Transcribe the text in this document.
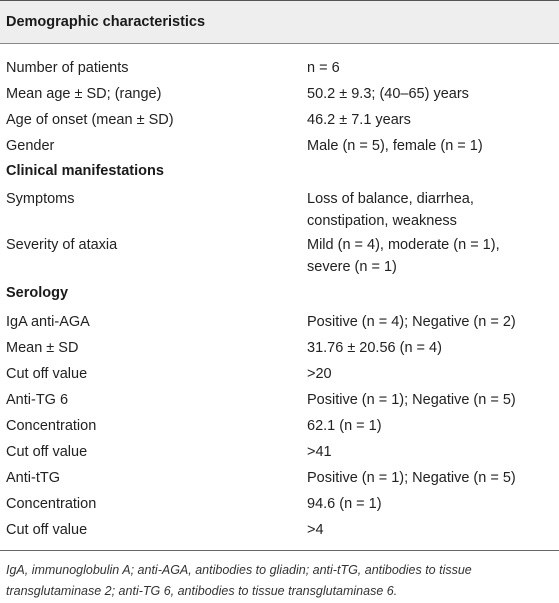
Demographic characteristics
Number of patients	n = 6
Mean age ± SD; (range)	50.2 ± 9.3; (40–65) years
Age of onset (mean ± SD)	46.2 ± 7.1 years
Gender	Male (n = 5), female (n = 1)
Clinical manifestations
Symptoms	Loss of balance, diarrhea,
constipation, weakness
Severity of ataxia	Mild (n = 4), moderate (n = 1),
severe (n = 1)
Serology
IgA anti-AGA	Positive (n = 4); Negative (n = 2)
Mean ± SD	31.76 ± 20.56 (n = 4)
Cut off value	>20
Anti-TG 6	Positive (n = 1); Negative (n = 5)
Concentration	62.1 (n = 1)
Cut off value	>41
Anti-tTG	Positive (n = 1); Negative (n = 5)
Concentration	94.6 (n = 1)
Cut off value	>4
IgA, immunoglobulin A; anti-AGA, antibodies to gliadin; anti-tTG, antibodies to tissue transglutaminase 2; anti-TG 6, antibodies to tissue transglutaminase 6.
